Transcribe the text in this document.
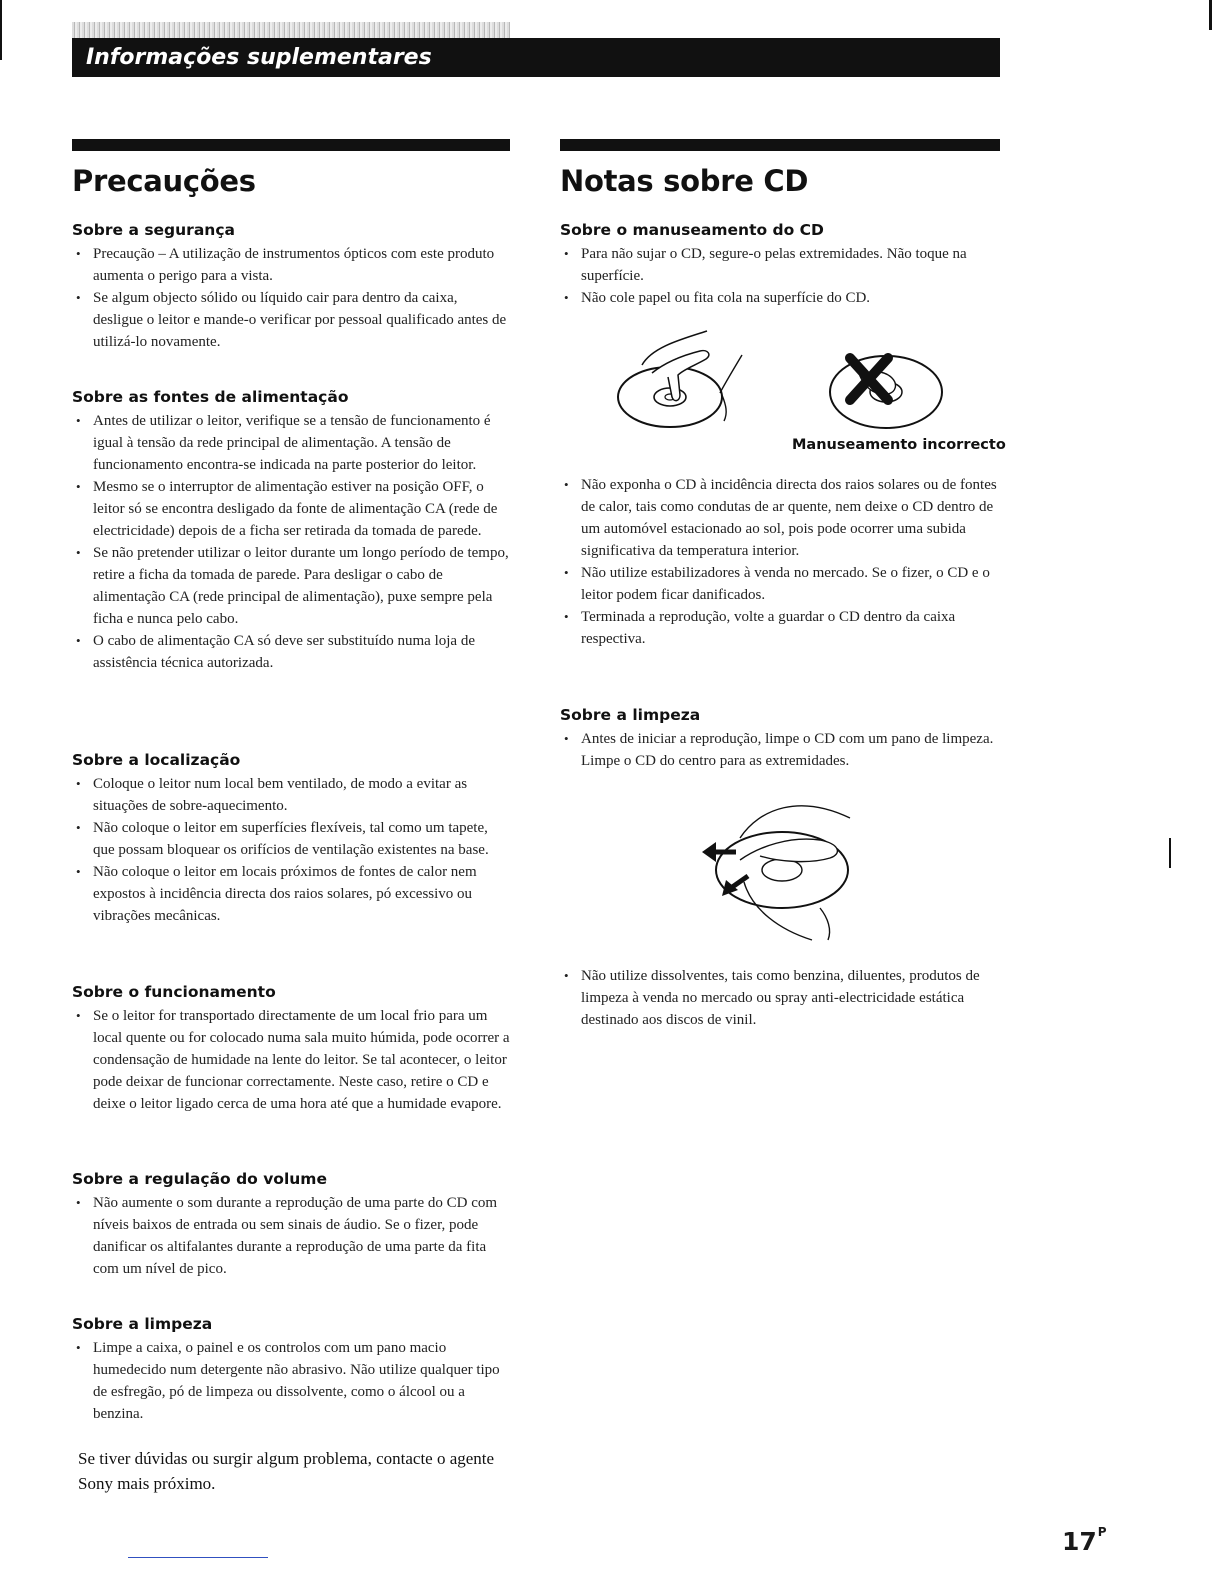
Informações suplementares
Precauções
Sobre a segurança
• Precaução – A utilização de instrumentos ópticos com este produto aumenta o perigo para a vista.
• Se algum objecto sólido ou líquido cair para dentro da caixa, desligue o leitor e mande-o verificar por pessoal qualificado antes de utilizá-lo novamente.
Sobre as fontes de alimentação
• Antes de utilizar o leitor, verifique se a tensão de funcionamento é igual à tensão da rede principal de alimentação. A tensão de funcionamento encontra-se indicada na parte posterior do leitor.
• Mesmo se o interruptor de alimentação estiver na posição OFF, o leitor só se encontra desligado da fonte de alimentação CA (rede de electricidade) depois de a ficha ser retirada da tomada de parede.
• Se não pretender utilizar o leitor durante um longo período de tempo, retire a ficha da tomada de parede. Para desligar o cabo de alimentação CA (rede principal de alimentação), puxe sempre pela ficha e nunca pelo cabo.
• O cabo de alimentação CA só deve ser substituído numa loja de assistência técnica autorizada.
Sobre a localização
• Coloque o leitor num local bem ventilado, de modo a evitar as situações de sobre-aquecimento.
• Não coloque o leitor em superfícies flexíveis, tal como um tapete, que possam bloquear os orifícios de ventilação existentes na base.
• Não coloque o leitor em locais próximos de fontes de calor nem expostos à incidência directa dos raios solares, pó excessivo ou vibrações mecânicas.
Sobre o funcionamento
• Se o leitor for transportado directamente de um local frio para um local quente ou for colocado numa sala muito húmida, pode ocorrer a condensação de humidade na lente do leitor. Se tal acontecer, o leitor pode deixar de funcionar correctamente. Neste caso, retire o CD e deixe o leitor ligado cerca de uma hora até que a humidade evapore.
Sobre a regulação do volume
• Não aumente o som durante a reprodução de uma parte do CD com níveis baixos de entrada ou sem sinais de áudio. Se o fizer, pode danificar os altifalantes durante a reprodução de uma parte da fita com um nível de pico.
Sobre a limpeza
• Limpe a caixa, o painel e os controlos com um pano macio humedecido num detergente não abrasivo. Não utilize qualquer tipo de esfregão, pó de limpeza ou dissolvente, como o álcool ou a benzina.
Se tiver dúvidas ou surgir algum problema, contacte o agente Sony mais próximo.
Notas sobre CD
Sobre o manuseamento do CD
• Para não sujar o CD, segure-o pelas extremidades. Não toque na superfície.
• Não cole papel ou fita cola na superfície do CD.
• Não exponha o CD à incidência directa dos raios solares ou de fontes de calor, tais como condutas de ar quente, nem deixe o CD dentro de um automóvel estacionado ao sol, pois pode ocorrer uma subida significativa da temperatura interior.
• Não utilize estabilizadores à venda no mercado. Se o fizer, o CD e o leitor podem ficar danificados.
• Terminada a reprodução, volte a guardar o CD dentro da caixa respectiva.
Sobre a limpeza
• Antes de iniciar a reprodução, limpe o CD com um pano de limpeza. Limpe o CD do centro para as extremidades.
• Não utilize dissolventes, tais como benzina, diluentes, produtos de limpeza à venda no mercado ou spray anti-electricidade estática destinado aos discos de vinil.
Manuseamento incorrecto
$17^P$
